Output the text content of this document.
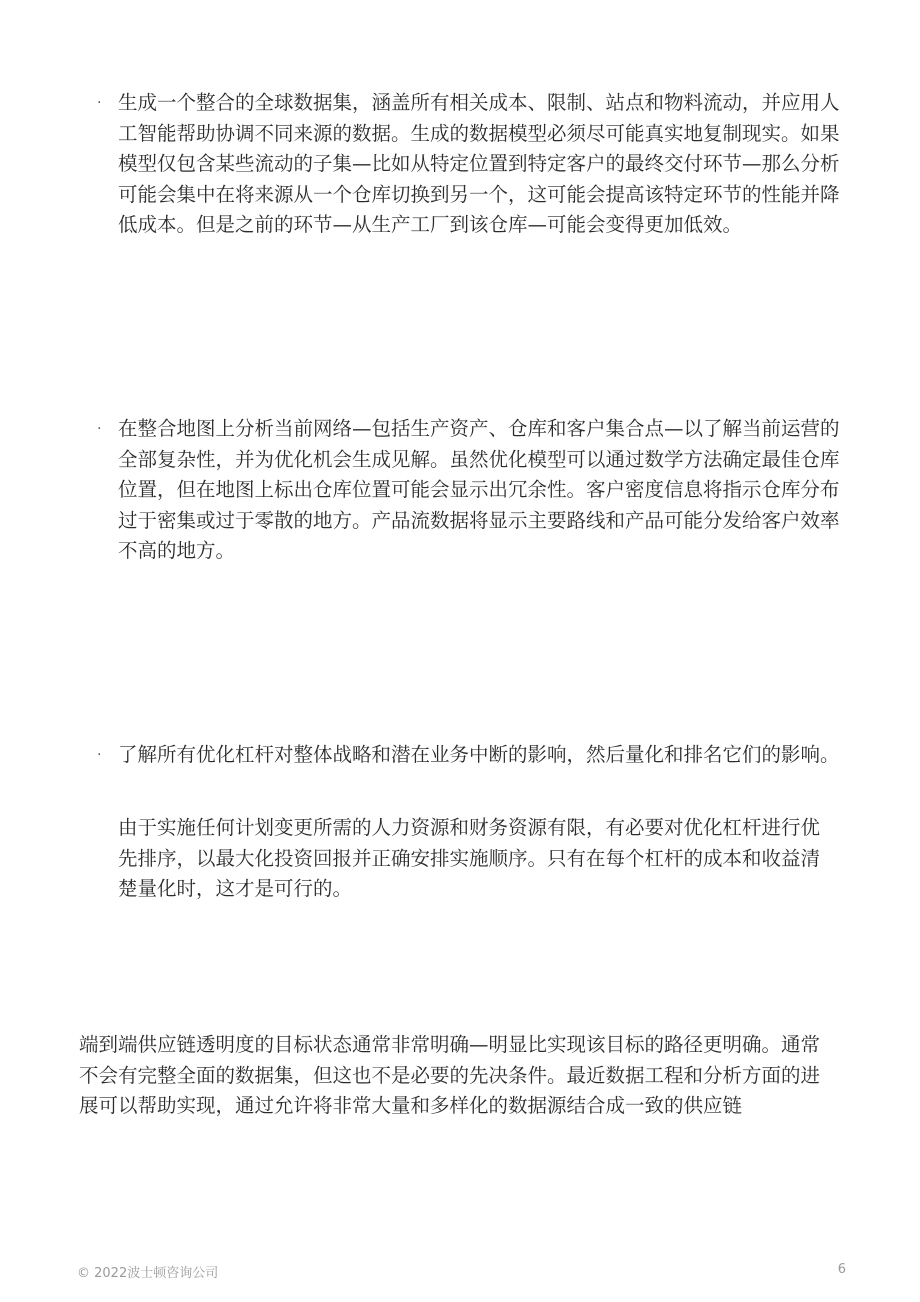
· 生成一个整合的全球数据集，涵盖所有相关成本、限制、站点和物料流动，并应用人工智能帮助协调不同来源的数据。生成的数据模型必须尽可能真实地复制现实。如果模型仅包含某些流动的子集—比如从特定位置到特定客户的最终交付环节—那么分析可能会集中在将来源从一个仓库切换到另一个，这可能会提高该特定环节的性能并降低成本。但是之前的环节—从生产工厂到该仓库—可能会变得更加低效。
· 在整合地图上分析当前网络—包括生产资产、仓库和客户集合点—以了解当前运营的全部复杂性，并为优化机会生成见解。虽然优化模型可以通过数学方法确定最佳仓库位置，但在地图上标出仓库位置可能会显示出冗余性。客户密度信息将指示仓库分布过于密集或过于零散的地方。产品流数据将显示主要路线和产品可能分发给客户效率不高的地方。
· 了解所有优化杠杆对整体战略和潜在业务中断的影响，然后量化和排名它们的影响。
由于实施任何计划变更所需的人力资源和财务资源有限，有必要对优化杠杆进行优先排序，以最大化投资回报并正确安排实施顺序。只有在每个杠杆的成本和收益清楚量化时，这才是可行的。
端到端供应链透明度的目标状态通常非常明确—明显比实现该目标的路径更明确。通常不会有完整全面的数据集，但这也不是必要的先决条件。最近数据工程和分析方面的进展可以帮助实现，通过允许将非常大量和多样化的数据源结合成一致的供应链
© 2022波士顿咨询公司	6
